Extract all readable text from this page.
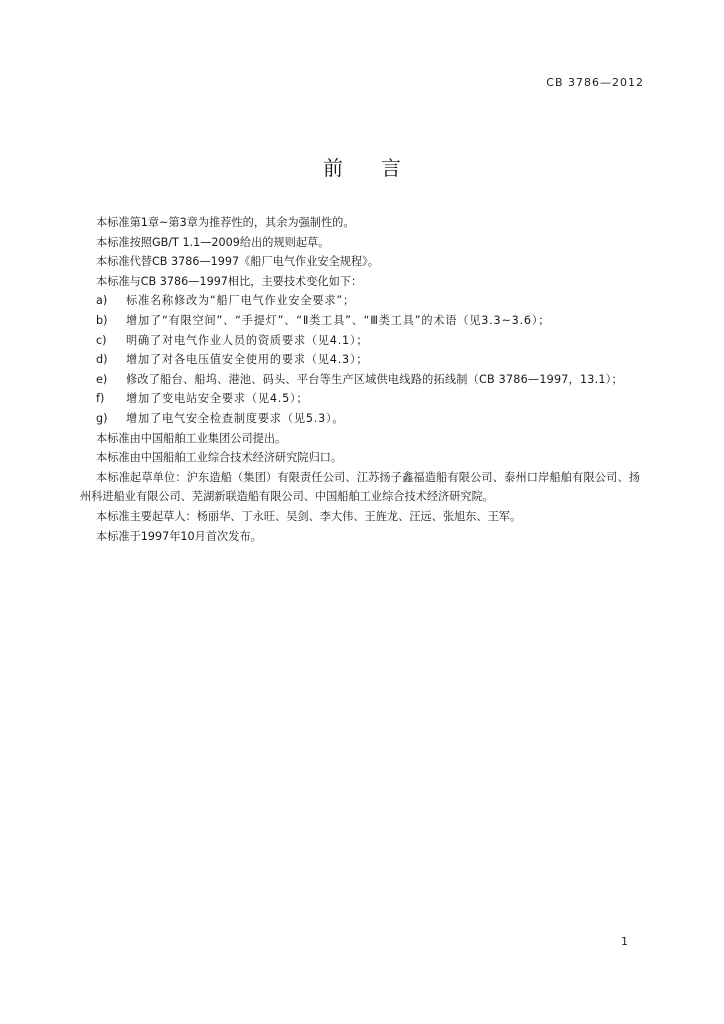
CB 3786—2012
前言

本标准第1章~第3章为推荐性的，其余为强制性的。

本标准按照GB/T 1.1—2009给出的规则起草。

本标准代替CB 3786—1997《船厂电气作业安全规程》。

本标准与CB 3786—1997相比，主要技术变化如下：

a)	标准名称修改为“船厂电气作业安全要求”；
b)	增加了“有限空间”、“手提灯”、“Ⅱ类工具”、“Ⅲ类工具”的术语（见3.3~3.6）；
c)	明确了对电气作业人员的资质要求（见4.1）；
d)	增加了对各电压值安全使用的要求（见4.3）；
e)	修改了船台、船坞、港池、码头、平台等生产区域供电线路的拓线制（CB 3786—1997，13.1）；
f)	增加了变电站安全要求（见4.5）；
g)	增加了电气安全检查制度要求（见5.3）。

本标准由中国船舶工业集团公司提出。

本标准由中国船舶工业综合技术经济研究院归口。

本标准起草单位：沪东造船（集团）有限责任公司、江苏扬子鑫福造船有限公司、泰州口岸船舶有限公司、扬州科进船业有限公司、芜湖新联造船有限公司、中国船舶工业综合技术经济研究院。

本标准主要起草人：杨丽华、丁永旺、吴剑、李大伟、王旌龙、汪远、张旭东、王军。

本标准于1997年10月首次发布。

1
